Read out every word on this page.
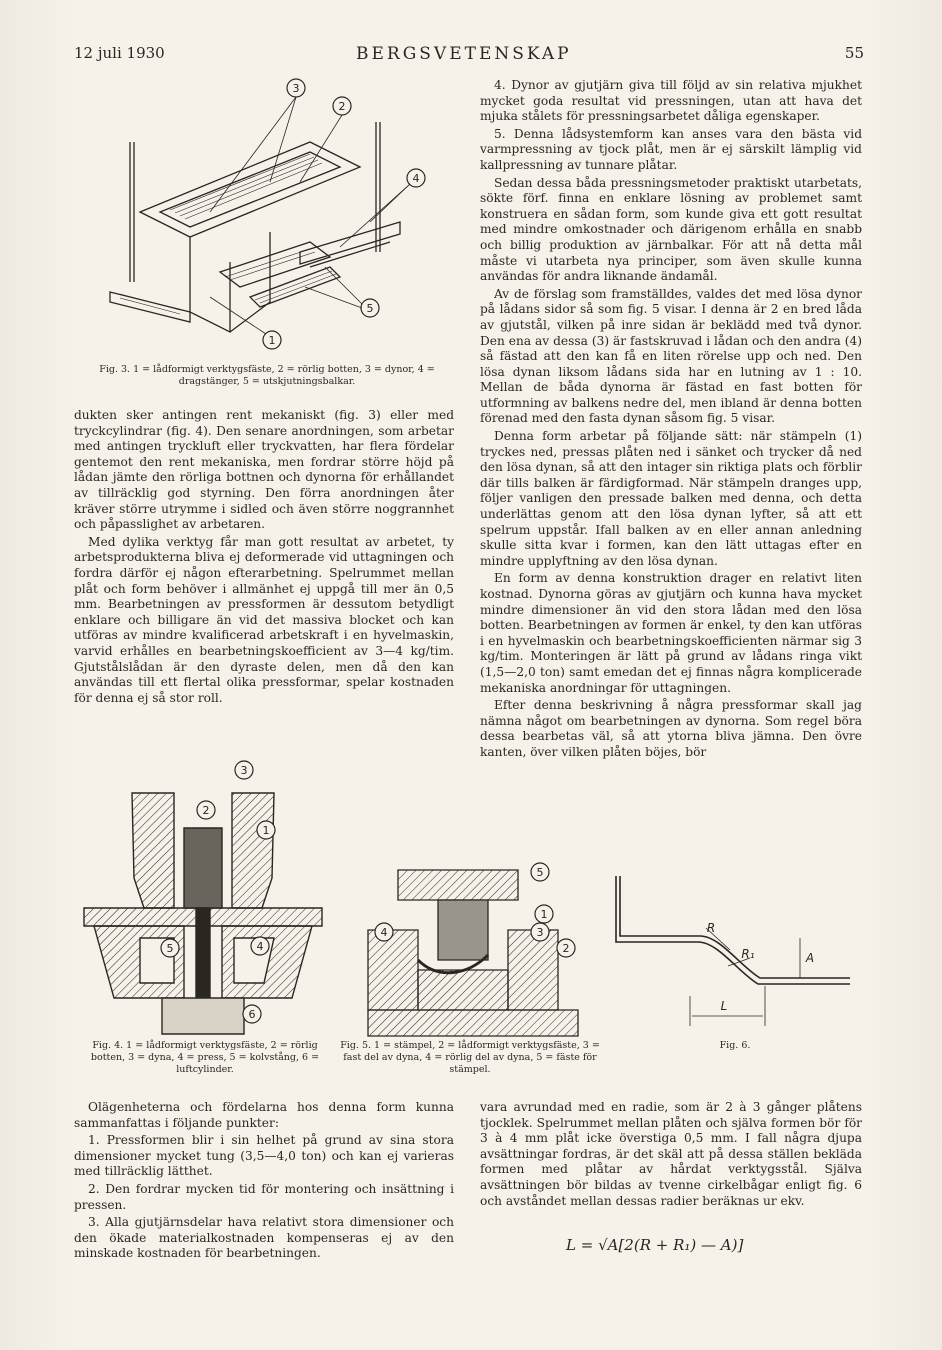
12 juli 1930	BERGSVETENSKAP	55
3
2
4
5
1
Fig. 3. 1 = lådformigt verktygsfäste, 2 = rörlig botten, 3 = dynor, 4 = dragstänger, 5 = utskjutningsbalkar.

dukten sker antingen rent mekaniskt (fig. 3) eller med tryckcylindrar (fig. 4). Den senare anordningen, som arbetar med antingen tryckluft eller tryckvatten, har flera fördelar gentemot den rent mekaniska, men fordrar större höjd på lådan jämte den rörliga bottnen och dynorna för erhållandet av tillräcklig god styrning. Den förra anordningen åter kräver större utrymme i sidled och även större noggrannhet och påpasslighet av arbetaren.

Med dylika verktyg får man gott resultat av arbetet, ty arbetsprodukterna bliva ej deformerade vid uttagningen och fordra därför ej någon efterarbetning. Spelrummet mellan plåt och form behöver i allmänhet ej uppgå till mer än 0,5 mm. Bearbetningen av pressformen är dessutom betydligt enklare och billigare än vid det massiva blocket och kan utföras av mindre kvalificerad arbetskraft i en hyvelmaskin, varvid erhålles en bearbetningskoefficient av 3—4 kg/tim. Gjutstålslådan är den dyraste delen, men då den kan användas till ett flertal olika pressformar, spelar kostnaden för denna ej så stor roll.

4. Dynor av gjutjärn giva till följd av sin relativa mjukhet mycket goda resultat vid pressningen, utan att hava det mjuka stålets för pressningsarbetet dåliga egenskaper.

5. Denna lådsystemform kan anses vara den bästa vid varmpressning av tjock plåt, men är ej särskilt lämplig vid kallpressning av tunnare plåtar.

Sedan dessa båda pressningsmetoder praktiskt utarbetats, sökte förf. finna en enklare lösning av problemet samt konstruera en sådan form, som kunde giva ett gott resultat med mindre omkostnader och därigenom erhålla en snabb och billig produktion av järnbalkar. För att nå detta mål måste vi utarbeta nya principer, som även skulle kunna användas för andra liknande ändamål.

Av de förslag som framställdes, valdes det med lösa dynor på lådans sidor så som fig. 5 visar. I denna är 2 en bred låda av gjutstål, vilken på inre sidan är beklädd med två dynor. Den ena av dessa (3) är fastskruvad i lådan och den andra (4) så fästad att den kan få en liten rörelse upp och ned. Den lösa dynan liksom lådans sida har en lutning av 1 : 10. Mellan de båda dynorna är fästad en fast botten för utformning av balkens nedre del, men ibland är denna botten förenad med den fasta dynan såsom fig. 5 visar.

Denna form arbetar på följande sätt: när stämpeln (1) tryckes ned, pressas plåten ned i sänket och trycker då ned den lösa dynan, så att den intager sin riktiga plats och förblir där tills balken är färdigformad. När stämpeln dranges upp, följer vanligen den pressade balken med denna, och detta underlättas genom att den lösa dynan lyfter, så att ett spelrum uppstår. Ifall balken av en eller annan anledning skulle sitta kvar i formen, kan den lätt uttagas efter en mindre upplyftning av den lösa dynan.

En form av denna konstruktion drager en relativt liten kostnad. Dynorna göras av gjutjärn och kunna hava mycket mindre dimensioner än vid den stora lådan med den lösa botten. Bearbetningen av formen är enkel, ty den kan utföras i en hyvelmaskin och bearbetningskoefficienten närmar sig 3 kg/tim. Monteringen är lätt på grund av lådans ringa vikt (1,5—2,0 ton) samt emedan det ej finnas några komplicerade mekaniska anordningar för uttagningen.

Efter denna beskrivning å några pressformar skall jag nämna något om bearbetningen av dynorna. Som regel böra dessa bearbetas väl, så att ytorna bliva jämna. Den övre kanten, över vilken plåten böjes, bör

3
2
1
5	4
6
Fig. 4. 1 = lådformigt verktygsfäste, 2 = rörlig botten, 3 = dyna, 4 = press, 5 = kolvstång, 6 = luftcylinder.
5
1
3
2
4
Fig. 5. 1 = stämpel, 2 = lådformigt verktygsfäste, 3 = fast del av dyna, 4 = rörlig del av dyna, 5 = fäste för stämpel.
R
R₁	A
L
Fig. 6.

Olägenheterna och fördelarna hos denna form kunna sammanfattas i följande punkter:

1. Pressformen blir i sin helhet på grund av sina stora dimensioner mycket tung (3,5—4,0 ton) och kan ej varieras med tillräcklig lätthet.

2. Den fordrar mycken tid för montering och insättning i pressen.

3. Alla gjutjärnsdelar hava relativt stora dimensioner och den ökade materialkostnaden kompenseras ej av den minskade kostnaden för bearbetningen.

vara avrundad med en radie, som är 2 à 3 gånger plåtens tjocklek. Spelrummet mellan plåten och själva formen bör för 3 à 4 mm plåt icke överstiga 0,5 mm. I fall några djupa avsättningar fordras, är det skäl att på dessa ställen bekläda formen med plåtar av hårdat verktygsstål. Själva avsättningen bör bildas av tvenne cirkelbågar enligt fig. 6 och avståndet mellan dessas radier beräknas ur ekv.

L = √A[2(R + R₁) — A)]
